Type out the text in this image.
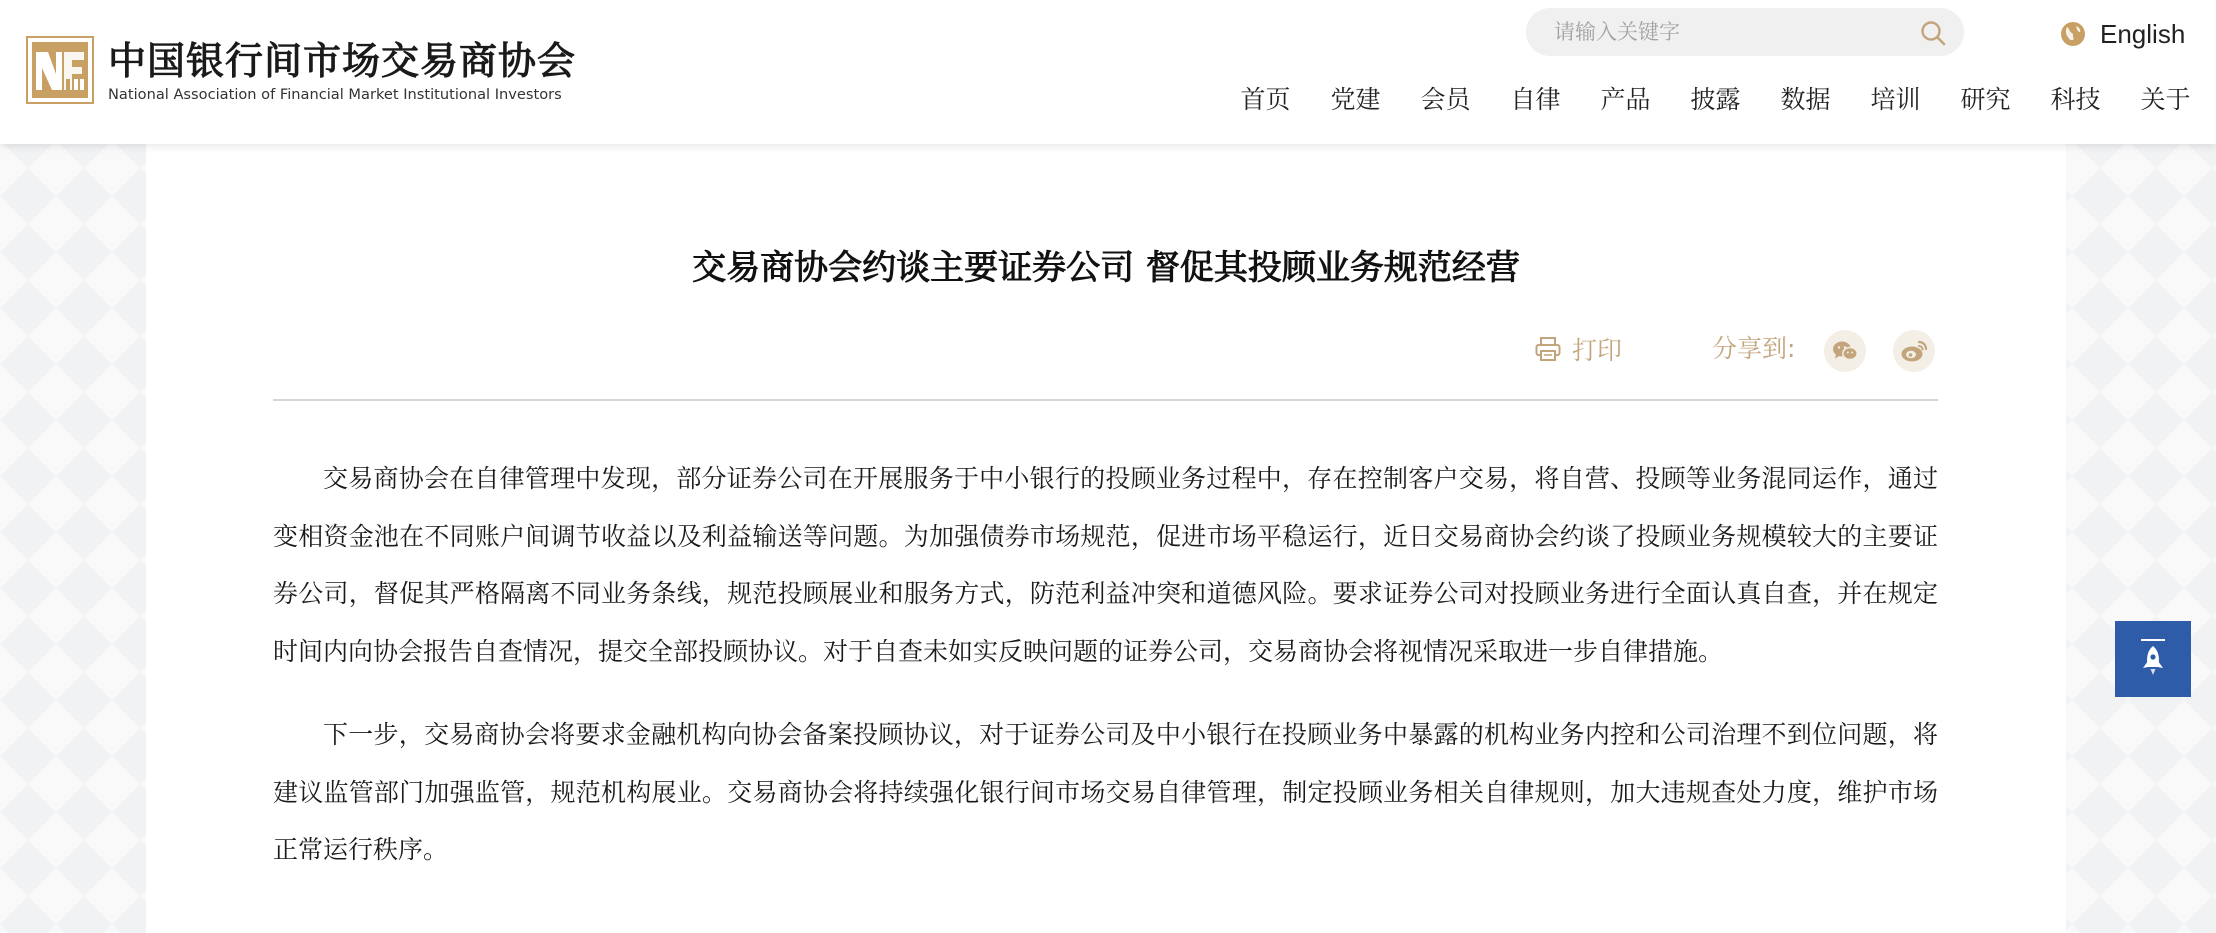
中国银行间市场交易商协会
National Association of Financial Market Institutional Investors
请输入关键字
English
首页	党建	会员	自律	产品	披露	数据	培训	研究	科技	关于
交易商协会约谈主要证券公司 督促其投顾业务规范经营
打印	分享到:

交易商协会在自律管理中发现，部分证券公司在开展服务于中小银行的投顾业务过程中，存在控制客户交易，将自营、投顾等业务混同运作，通过变相资金池在不同账户间调节收益以及利益输送等问题。为加强债券市场规范，促进市场平稳运行，近日交易商协会约谈了投顾业务规模较大的主要证券公司，督促其严格隔离不同业务条线，规范投顾展业和服务方式，防范利益冲突和道德风险。要求证券公司对投顾业务进行全面认真自查，并在规定时间内向协会报告自查情况，提交全部投顾协议。对于自查未如实反映问题的证券公司，交易商协会将视情况采取进一步自律措施。

下一步，交易商协会将要求金融机构向协会备案投顾协议，对于证券公司及中小银行在投顾业务中暴露的机构业务内控和公司治理不到位问题，将建议监管部门加强监管，规范机构展业。交易商协会将持续强化银行间市场交易自律管理，制定投顾业务相关自律规则，加大违规查处力度，维护市场正常运行秩序。
